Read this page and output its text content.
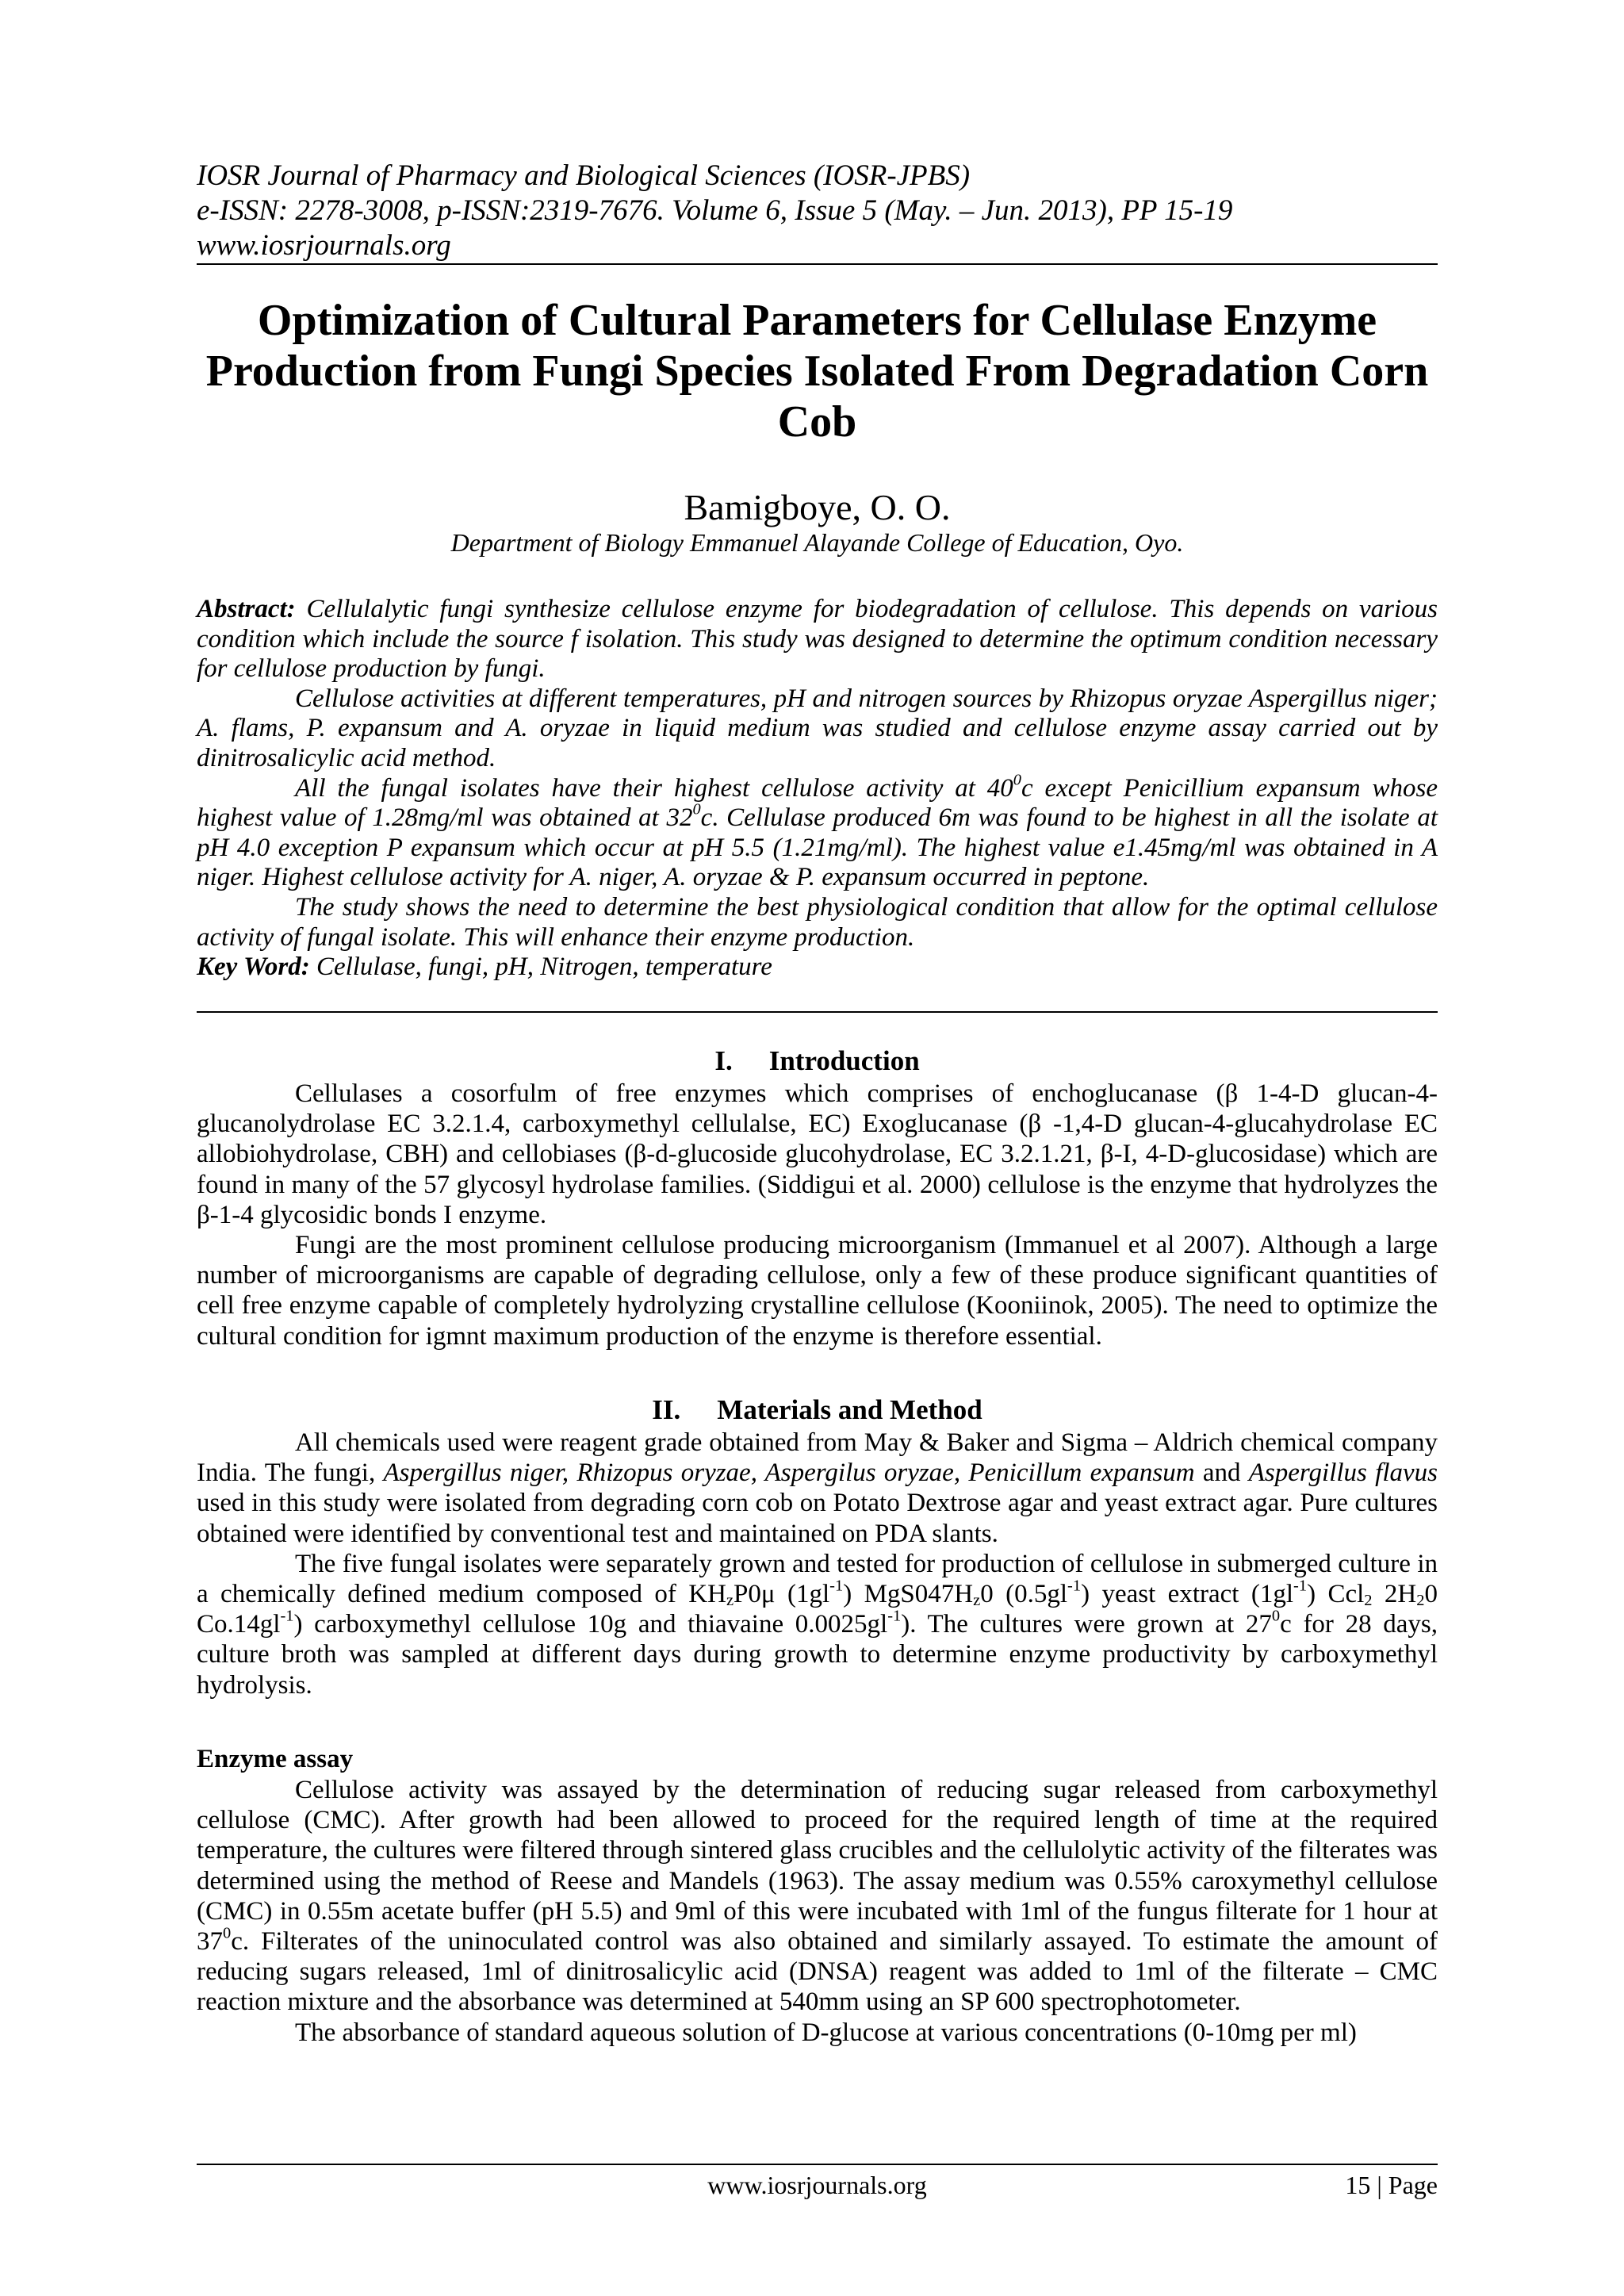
IOSR Journal of Pharmacy and Biological Sciences (IOSR-JPBS)
e-ISSN: 2278-3008, p-ISSN:2319-7676. Volume 6, Issue 5 (May. – Jun. 2013), PP 15-19
www.iosrjournals.org
Optimization of Cultural Parameters for Cellulase Enzyme Production from Fungi Species Isolated From Degradation Corn Cob
Bamigboye, O. O.
Department of Biology Emmanuel Alayande College of Education, Oyo.

Abstract: Cellulalytic fungi synthesize cellulose enzyme for biodegradation of cellulose. This depends on various condition which include the source f isolation. This study was designed to determine the optimum condition necessary for cellulose production by fungi.

Cellulose activities at different temperatures, pH and nitrogen sources by Rhizopus oryzae Aspergillus niger; A. flams, P. expansum and A. oryzae in liquid medium was studied and cellulose enzyme assay carried out by dinitrosalicylic acid method.

All the fungal isolates have their highest cellulose activity at $40^0c$ except Penicillium expansum whose highest value of 1.28mg/ml was obtained at $32^0c$. Cellulase produced 6m was found to be highest in all the isolate at pH 4.0 exception P expansum which occur at pH 5.5 (1.21mg/ml). The highest value e1.45mg/ml was obtained in A niger. Highest cellulose activity for A. niger, A. oryzae & P. expansum occurred in peptone.

The study shows the need to determine the best physiological condition that allow for the optimal cellulose activity of fungal isolate. This will enhance their enzyme production.

Key Word: Cellulase, fungi, pH, Nitrogen, temperature

I. Introduction

Cellulases a cosorfulm of free enzymes which comprises of enchoglucanase (β 1-4-D glucan-4-glucanolydrolase EC 3.2.1.4, carboxymethyl cellulalse, EC) Exoglucanase (β -1,4-D glucan-4-glucahydrolase EC allobiohydrolase, CBH) and cellobiases (β-d-glucoside glucohydrolase, EC 3.2.1.21, β-I, 4-D-glucosidase) which are found in many of the 57 glycosyl hydrolase families. (Siddigui et al. 2000) cellulose is the enzyme that hydrolyzes the β-1-4 glycosidic bonds I enzyme.

Fungi are the most prominent cellulose producing microorganism (Immanuel et al 2007). Although a large number of microorganisms are capable of degrading cellulose, only a few of these produce significant quantities of cell free enzyme capable of completely hydrolyzing crystalline cellulose (Kooniinok, 2005). The need to optimize the cultural condition for igmnt maximum production of the enzyme is therefore essential.

II. Materials and Method

All chemicals used were reagent grade obtained from May & Baker and Sigma – Aldrich chemical company India. The fungi, Aspergillus niger, Rhizopus oryzae, Aspergilus oryzae, Penicillum expansum and Aspergillus flavus used in this study were isolated from degrading corn cob on Potato Dextrose agar and yeast extract agar. Pure cultures obtained were identified by conventional test and maintained on PDA slants.

The five fungal isolates were separately grown and tested for production of cellulose in submerged culture in a chemically defined medium composed of $KH_zP0\mu$ $(1gl^{-1})$ $MgS047H_z0$ $(0.5gl^{-1})$ yeast extract $(1gl^{-1})$ Ccl$_2$ $2H_20$ $Co.14gl^{-1}$) carboxymethyl cellulose 10g and thiavaine $0.0025gl^{-1}$). The cultures were grown at $27^0c$ for 28 days, culture broth was sampled at different days during growth to determine enzyme productivity by carboxymethyl hydrolysis.

Enzyme assay

Cellulose activity was assayed by the determination of reducing sugar released from carboxymethyl cellulose (CMC). After growth had been allowed to proceed for the required length of time at the required temperature, the cultures were filtered through sintered glass crucibles and the cellulolytic activity of the filterates was determined using the method of Reese and Mandels (1963). The assay medium was 0.55% caroxymethyl cellulose (CMC) in 0.55m acetate buffer (pH 5.5) and 9ml of this were incubated with 1ml of the fungus filterate for 1 hour at $37^0c$. Filterates of the uninoculated control was also obtained and similarly assayed. To estimate the amount of reducing sugars released, 1ml of dinitrosalicylic acid (DNSA) reagent was added to 1ml of the filterate – CMC reaction mixture and the absorbance was determined at 540mm using an SP 600 spectrophotometer.

The absorbance of standard aqueous solution of D-glucose at various concentrations (0-10mg per ml)

www.iosrjournals.org	15 | Page
